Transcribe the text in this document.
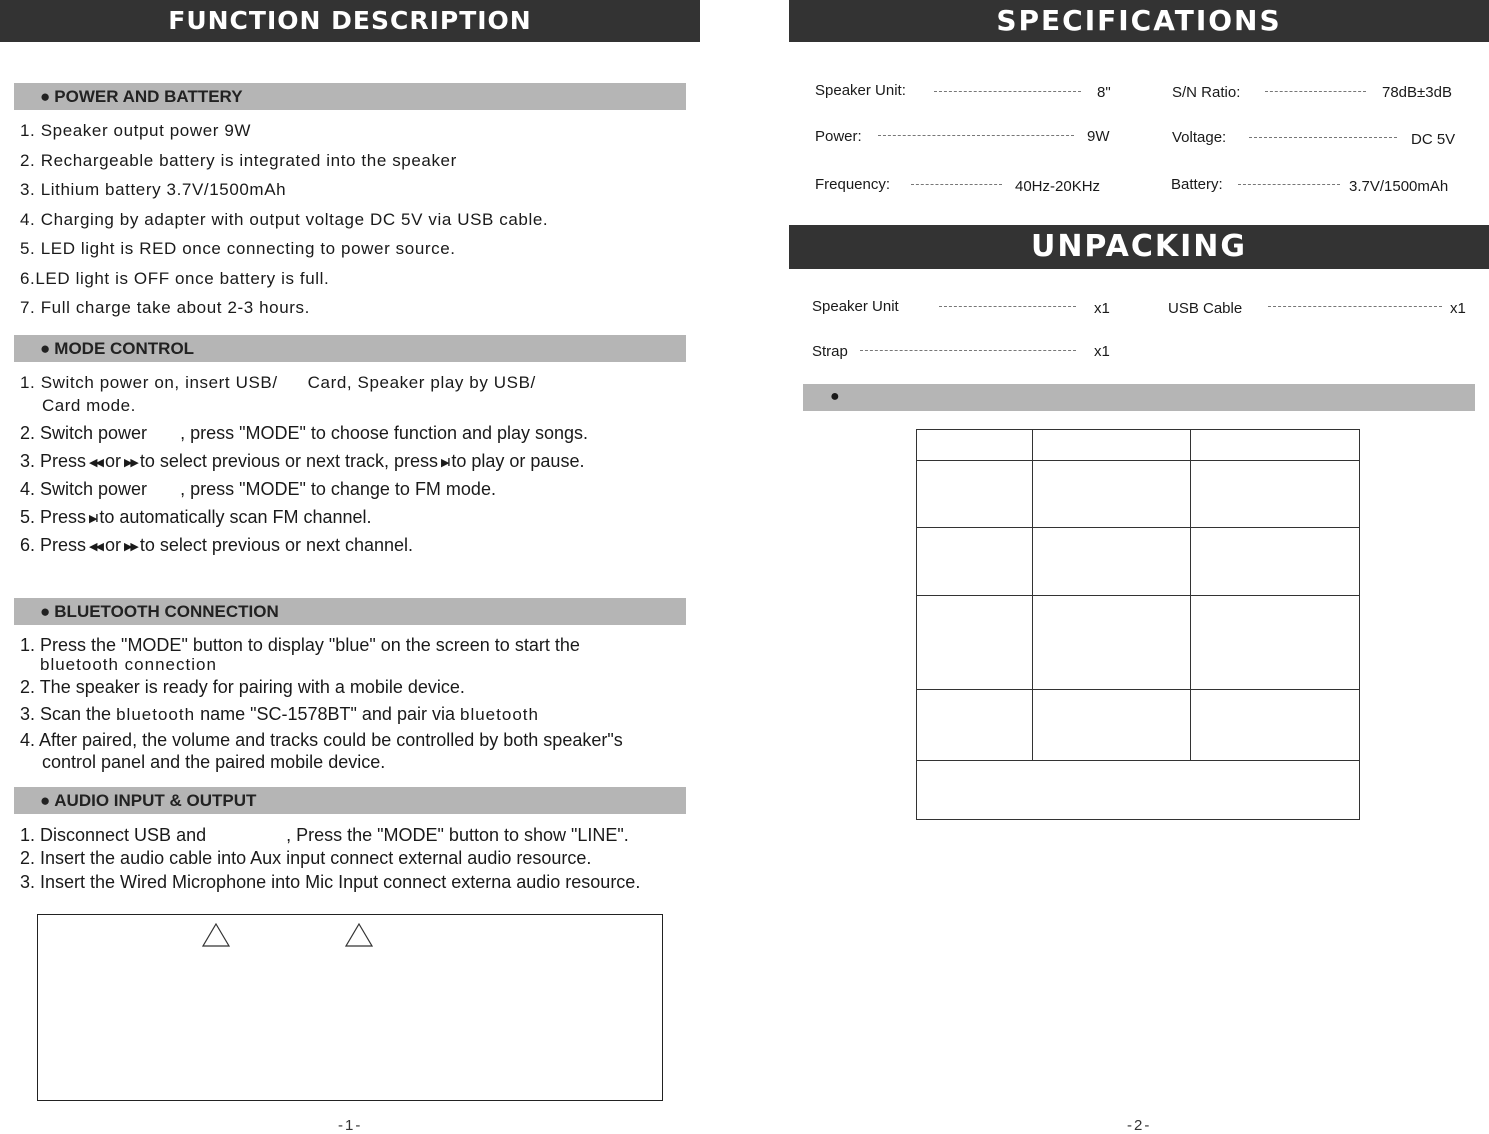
FUNCTION DESCRIPTION
● POWER AND BATTERY
1. Speaker output power 9W
2. Rechargeable battery is integrated into the speaker
3. Lithium battery 3.7V/1500mAh
4. Charging by adapter with output voltage DC 5V via USB cable.
5. LED light is RED once connecting to power source.
6.LED light is OFF once battery is full.
7. Full charge take about 2-3 hours.
● MODE CONTROL
1. Switch power on, insert USB/ Card, Speaker play by USB/
Card mode.
2. Switch power , press "MODE" to choose function and play songs.
3. Press ◀◀ or ▶▶ to select previous or next track, press ▶ll to play or pause.
4. Switch power , press "MODE" to change to FM mode.
5. Press ▶ll to automatically scan FM channel.
6. Press ◀◀ or ▶▶ to select previous or next channel.
● BLUETOOTH CONNECTION
1. Press the "MODE" button to display "blue" on the screen to start the
bluetooth connection
2. The speaker is ready for pairing with a mobile device.
3. Scan the bluetooth name "SC-1578BT" and pair via bluetooth
4. After paired, the volume and tracks could be controlled by both speaker"s
control panel and the paired mobile device.
● AUDIO INPUT & OUTPUT
1. Disconnect USB and	, Press the "MODE" button to show "LINE".
2. Insert the audio cable into Aux input connect external audio resource.
3. Insert the Wired Microphone into Mic Input connect externa audio resource.
-1-
SPECIFICATIONS
Speaker Unit:	8"
Power:	9W
Frequency:	40Hz-20KHz
S/N Ratio:	78dB±3dB
Voltage:	DC 5V
Battery:	3.7V/1500mAh
UNPACKING
Speaker Unit	x1	USB Cable	x1
Strap	x1
●

-2-
